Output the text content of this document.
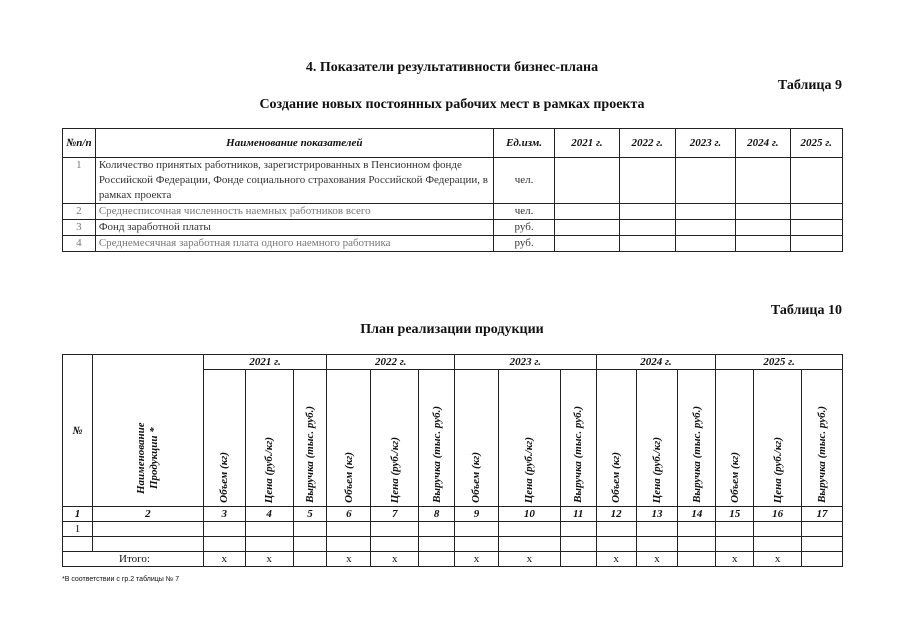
4. Показатели результативности бизнес-плана
Таблица 9
Создание новых постоянных рабочих мест в рамках проекта
№п/п	Наименование показателей	Ед.изм.	2021 г.	2022 г.	2023 г.	2024 г.	2025 г.
1	Количество принятых работников, зарегистрированных в Пенсионном фонде Российской Федерации, Фонде социального страхования Российской Федерации, в рамках проекта	чел.					
2	Среднесписочная численность наемных работников всего	чел.					
3	Фонд заработной платы	руб.					
4	Среднемесячная заработная плата одного наемного работника	руб.					
Таблица 10
План реализации продукции
№	Наименование Продукции *	2021 г.			2022 г.			2023 г.			2024 г.			2025 г.		
		Объем (кг)	Цена (руб./кг)	Выручка (тыс. руб.)	Объем (кг)	Цена (руб./кг)	Выручка (тыс. руб.)	Объем (кг)	Цена (руб./кг)	Выручка (тыс. руб.)	Объем (кг)	Цена (руб./кг)	Выручка (тыс. руб.)	Объем (кг)	Цена (руб./кг)	Выручка (тыс. руб.)
1	2	3	4	5	6	7	8	9	10	11	12	13	14	15	16	17
1																

Итого:		x	x		x	x		x	x		x	x		x	x	
*В соответствии с гр.2 таблицы № 7
